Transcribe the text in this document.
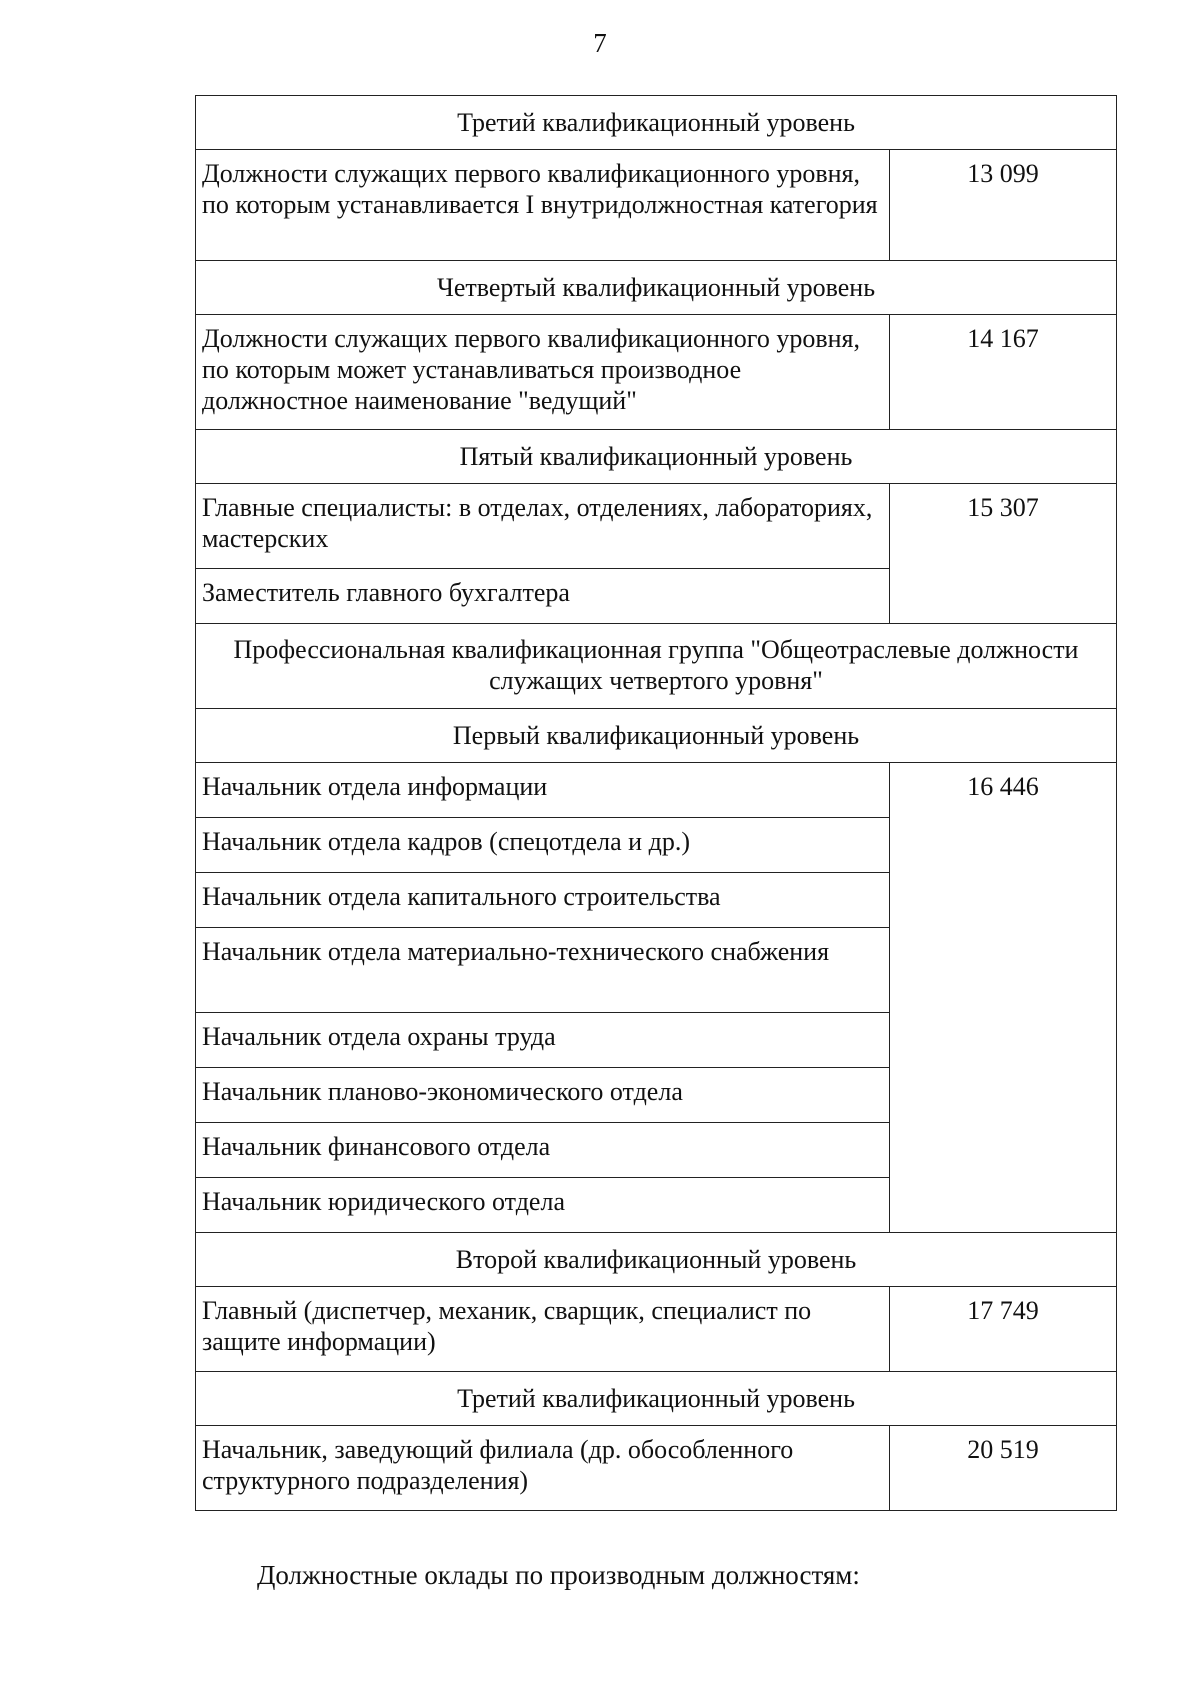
7
Третий квалификационный уровень	
Должности служащих первого квалификационного уровня, по которым устанавливается I внутридолжностная категория	13 099
Четвертый квалификационный уровень	
Должности служащих первого квалификационного уровня, по которым может устанавливаться производное должностное наименование "ведущий"	14 167
Пятый квалификационный уровень	
Главные специалисты: в отделах, отделениях, лабораториях, мастерских	15 307
Заместитель главного бухгалтера	
Профессиональная квалификационная группа "Общеотраслевые должности служащих четвертого уровня"	
Первый квалификационный уровень	
Начальник отдела информации	16 446
Начальник отдела кадров (спецотдела и др.)	
Начальник отдела капитального строительства	
Начальник отдела материально-технического снабжения	
Начальник отдела охраны труда	
Начальник планово-экономического отдела	
Начальник финансового отдела	
Начальник юридического отдела	
Второй квалификационный уровень	
Главный (диспетчер, механик, сварщик, специалист по защите информации)	17 749
Третий квалификационный уровень	
Начальник, заведующий филиала (др. обособленного структурного подразделения)	20 519
Должностные оклады по производным должностям:
